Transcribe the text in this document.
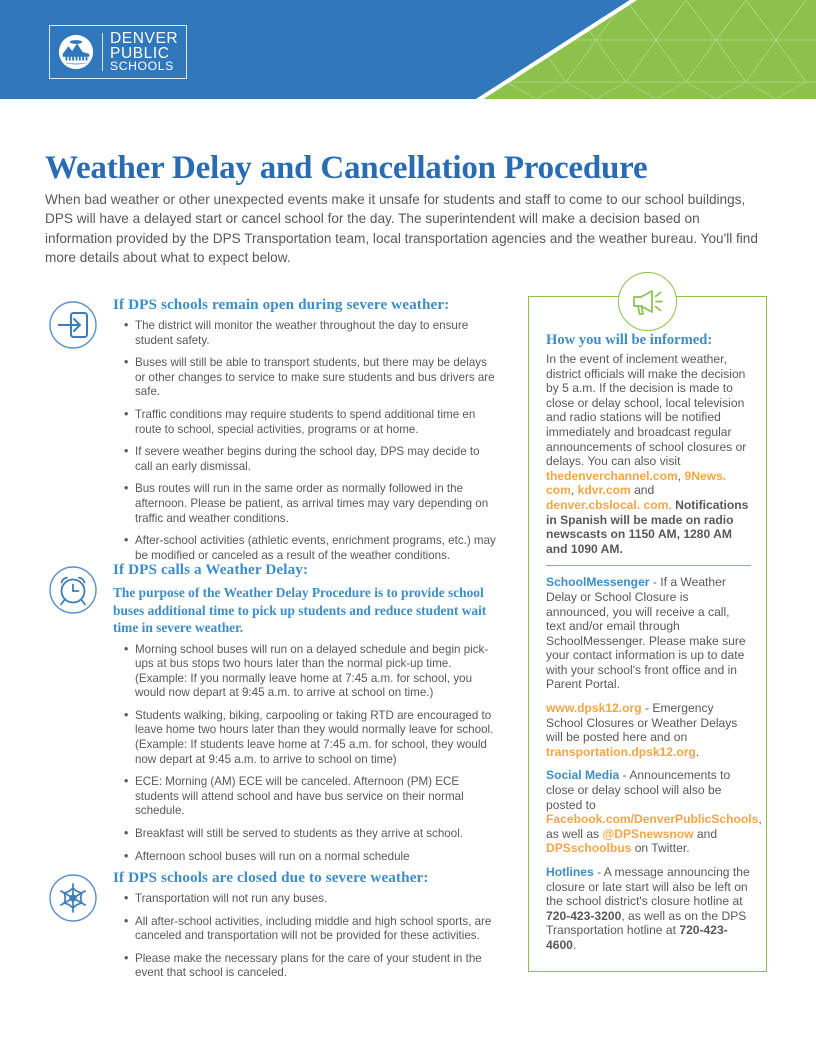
DENVER
PUBLIC
SCHOOLS
Weather Delay and Cancellation Procedure

When bad weather or other unexpected events make it unsafe for students and staff to come to our school buildings, DPS will have a delayed start or cancel school for the day. The superintendent will make a decision based on information provided by the DPS Transportation team, local transportation agencies and the weather bureau. You'll find more details about what to expect below.

If DPS schools remain open during severe weather:
• The district will monitor the weather throughout the day to ensure student safety.
• Buses will still be able to transport students, but there may be delays or other changes to service to make sure students and bus drivers are safe.
• Traffic conditions may require students to spend additional time en route to school, special activities, programs or at home.
• If severe weather begins during the school day, DPS may decide to call an early dismissal.
• Bus routes will run in the same order as normally followed in the afternoon. Please be patient, as arrival times may vary depending on traffic and weather conditions.
• After-school activities (athletic events, enrichment programs, etc.) may be modified or canceled as a result of the weather conditions.
If DPS calls a Weather Delay:

The purpose of the Weather Delay Procedure is to provide school buses additional time to pick up students and reduce student wait time in severe weather.

• Morning school buses will run on a delayed schedule and begin pick-ups at bus stops two hours later than the normal pick-up time. (Example: If you normally leave home at 7:45 a.m. for school, you would now depart at 9:45 a.m. to arrive at school on time.)
• Students walking, biking, carpooling or taking RTD are encouraged to leave home two hours later than they would normally leave for school. (Example: If students leave home at 7:45 a.m. for school, they would now depart at 9:45 a.m. to arrive to school on time)
• ECE: Morning (AM) ECE will be canceled. Afternoon (PM) ECE students will attend school and have bus service on their normal schedule.
• Breakfast will still be served to students as they arrive at school.
• Afternoon school buses will run on a normal schedule
If DPS schools are closed due to severe weather:
• Transportation will not run any buses.
• All after-school activities, including middle and high school sports, are canceled and transportation will not be provided for these activities.
• Please make the necessary plans for the care of your student in the event that school is canceled.
How you will be informed:

In the event of inclement weather, district officials will make the decision by 5 a.m. If the decision is made to close or delay school, local television and radio stations will be notified immediately and broadcast regular announcements of school closures or delays. You can also visit thedenverchannel.com, 9News. com, kdvr.com and denver.cbslocal. com. Notifications in Spanish will be made on radio newscasts on 1150 AM, 1280 AM and 1090 AM.

SchoolMessenger - If a Weather Delay or School Closure is announced, you will receive a call, text and/or email through SchoolMessenger. Please make sure your contact information is up to date with your school's front office and in Parent Portal.

www.dpsk12.org - Emergency School Closures or Weather Delays will be posted here and on transportation.dpsk12.org.

Social Media - Announcements to close or delay school will also be posted to Facebook.com/DenverPublicSchools, as well as @DPSnewsnow and DPSschoolbus on Twitter.

Hotlines - A message announcing the closure or late start will also be left on the school district's closure hotline at 720-423-3200, as well as on the DPS Transportation hotline at 720-423-4600.
